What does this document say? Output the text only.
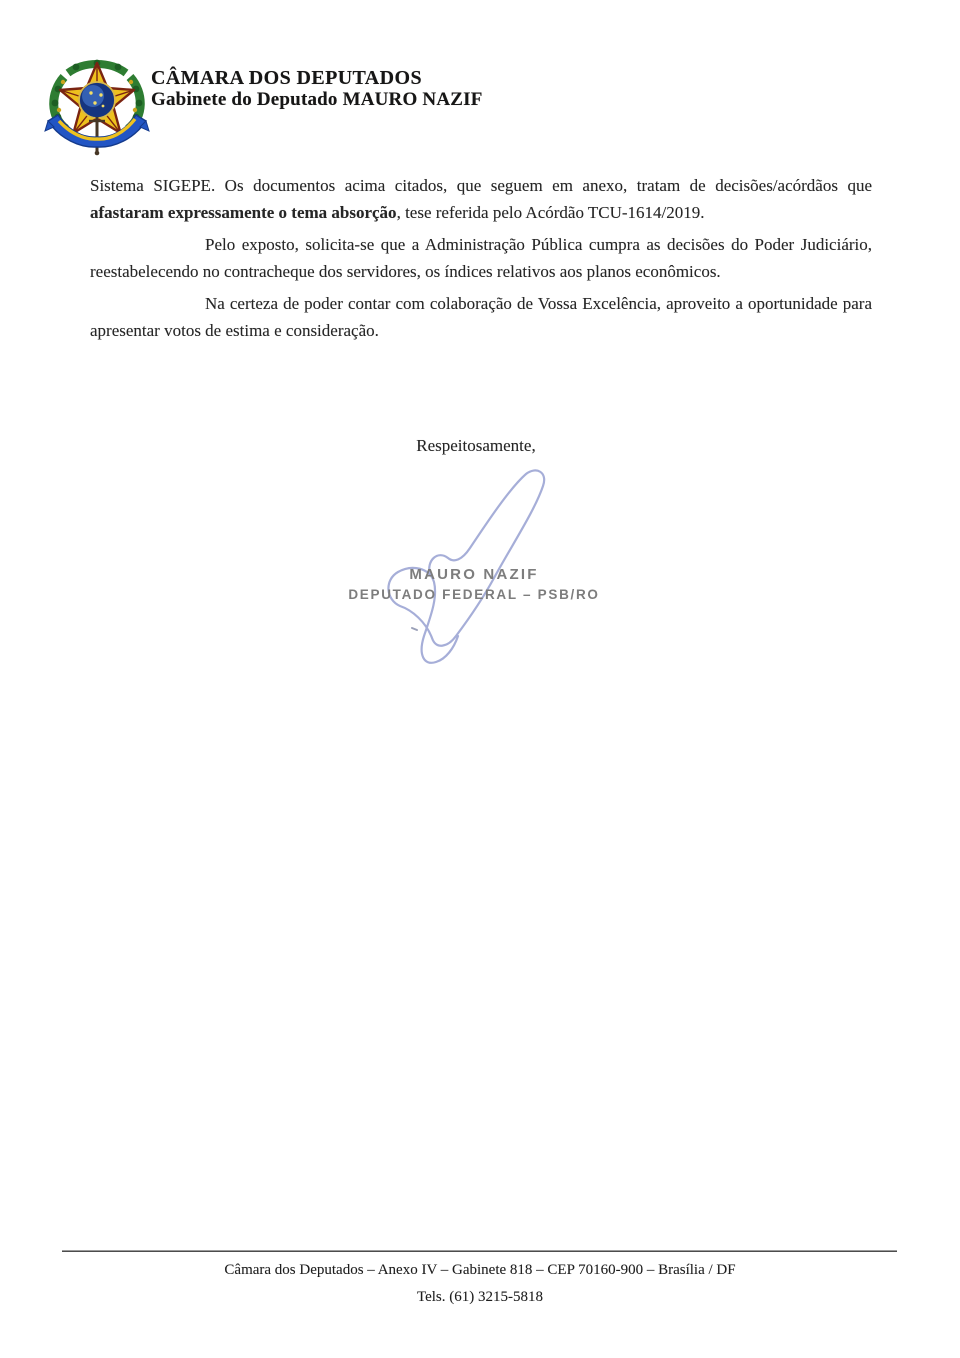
CÂMARA DOS DEPUTADOS
Gabinete do Deputado MAURO NAZIF

Sistema SIGEPE. Os documentos acima citados, que seguem em anexo, tratam de decisões/acórdãos que afastaram expressamente o tema absorção, tese referida pelo Acórdão TCU-1614/2019.

Pelo exposto, solicita-se que a Administração Pública cumpra as decisões do Poder Judiciário, reestabelecendo no contracheque dos servidores, os índices relativos aos planos econômicos.

Na certeza de poder contar com colaboração de Vossa Excelência, aproveito a oportunidade para apresentar votos de estima e consideração.

Respeitosamente,
MAURO NAZIF
DEPUTADO FEDERAL – PSB/RO
Câmara dos Deputados – Anexo IV – Gabinete 818 – CEP 70160-900 – Brasília / DF
Tels. (61) 3215-5818
